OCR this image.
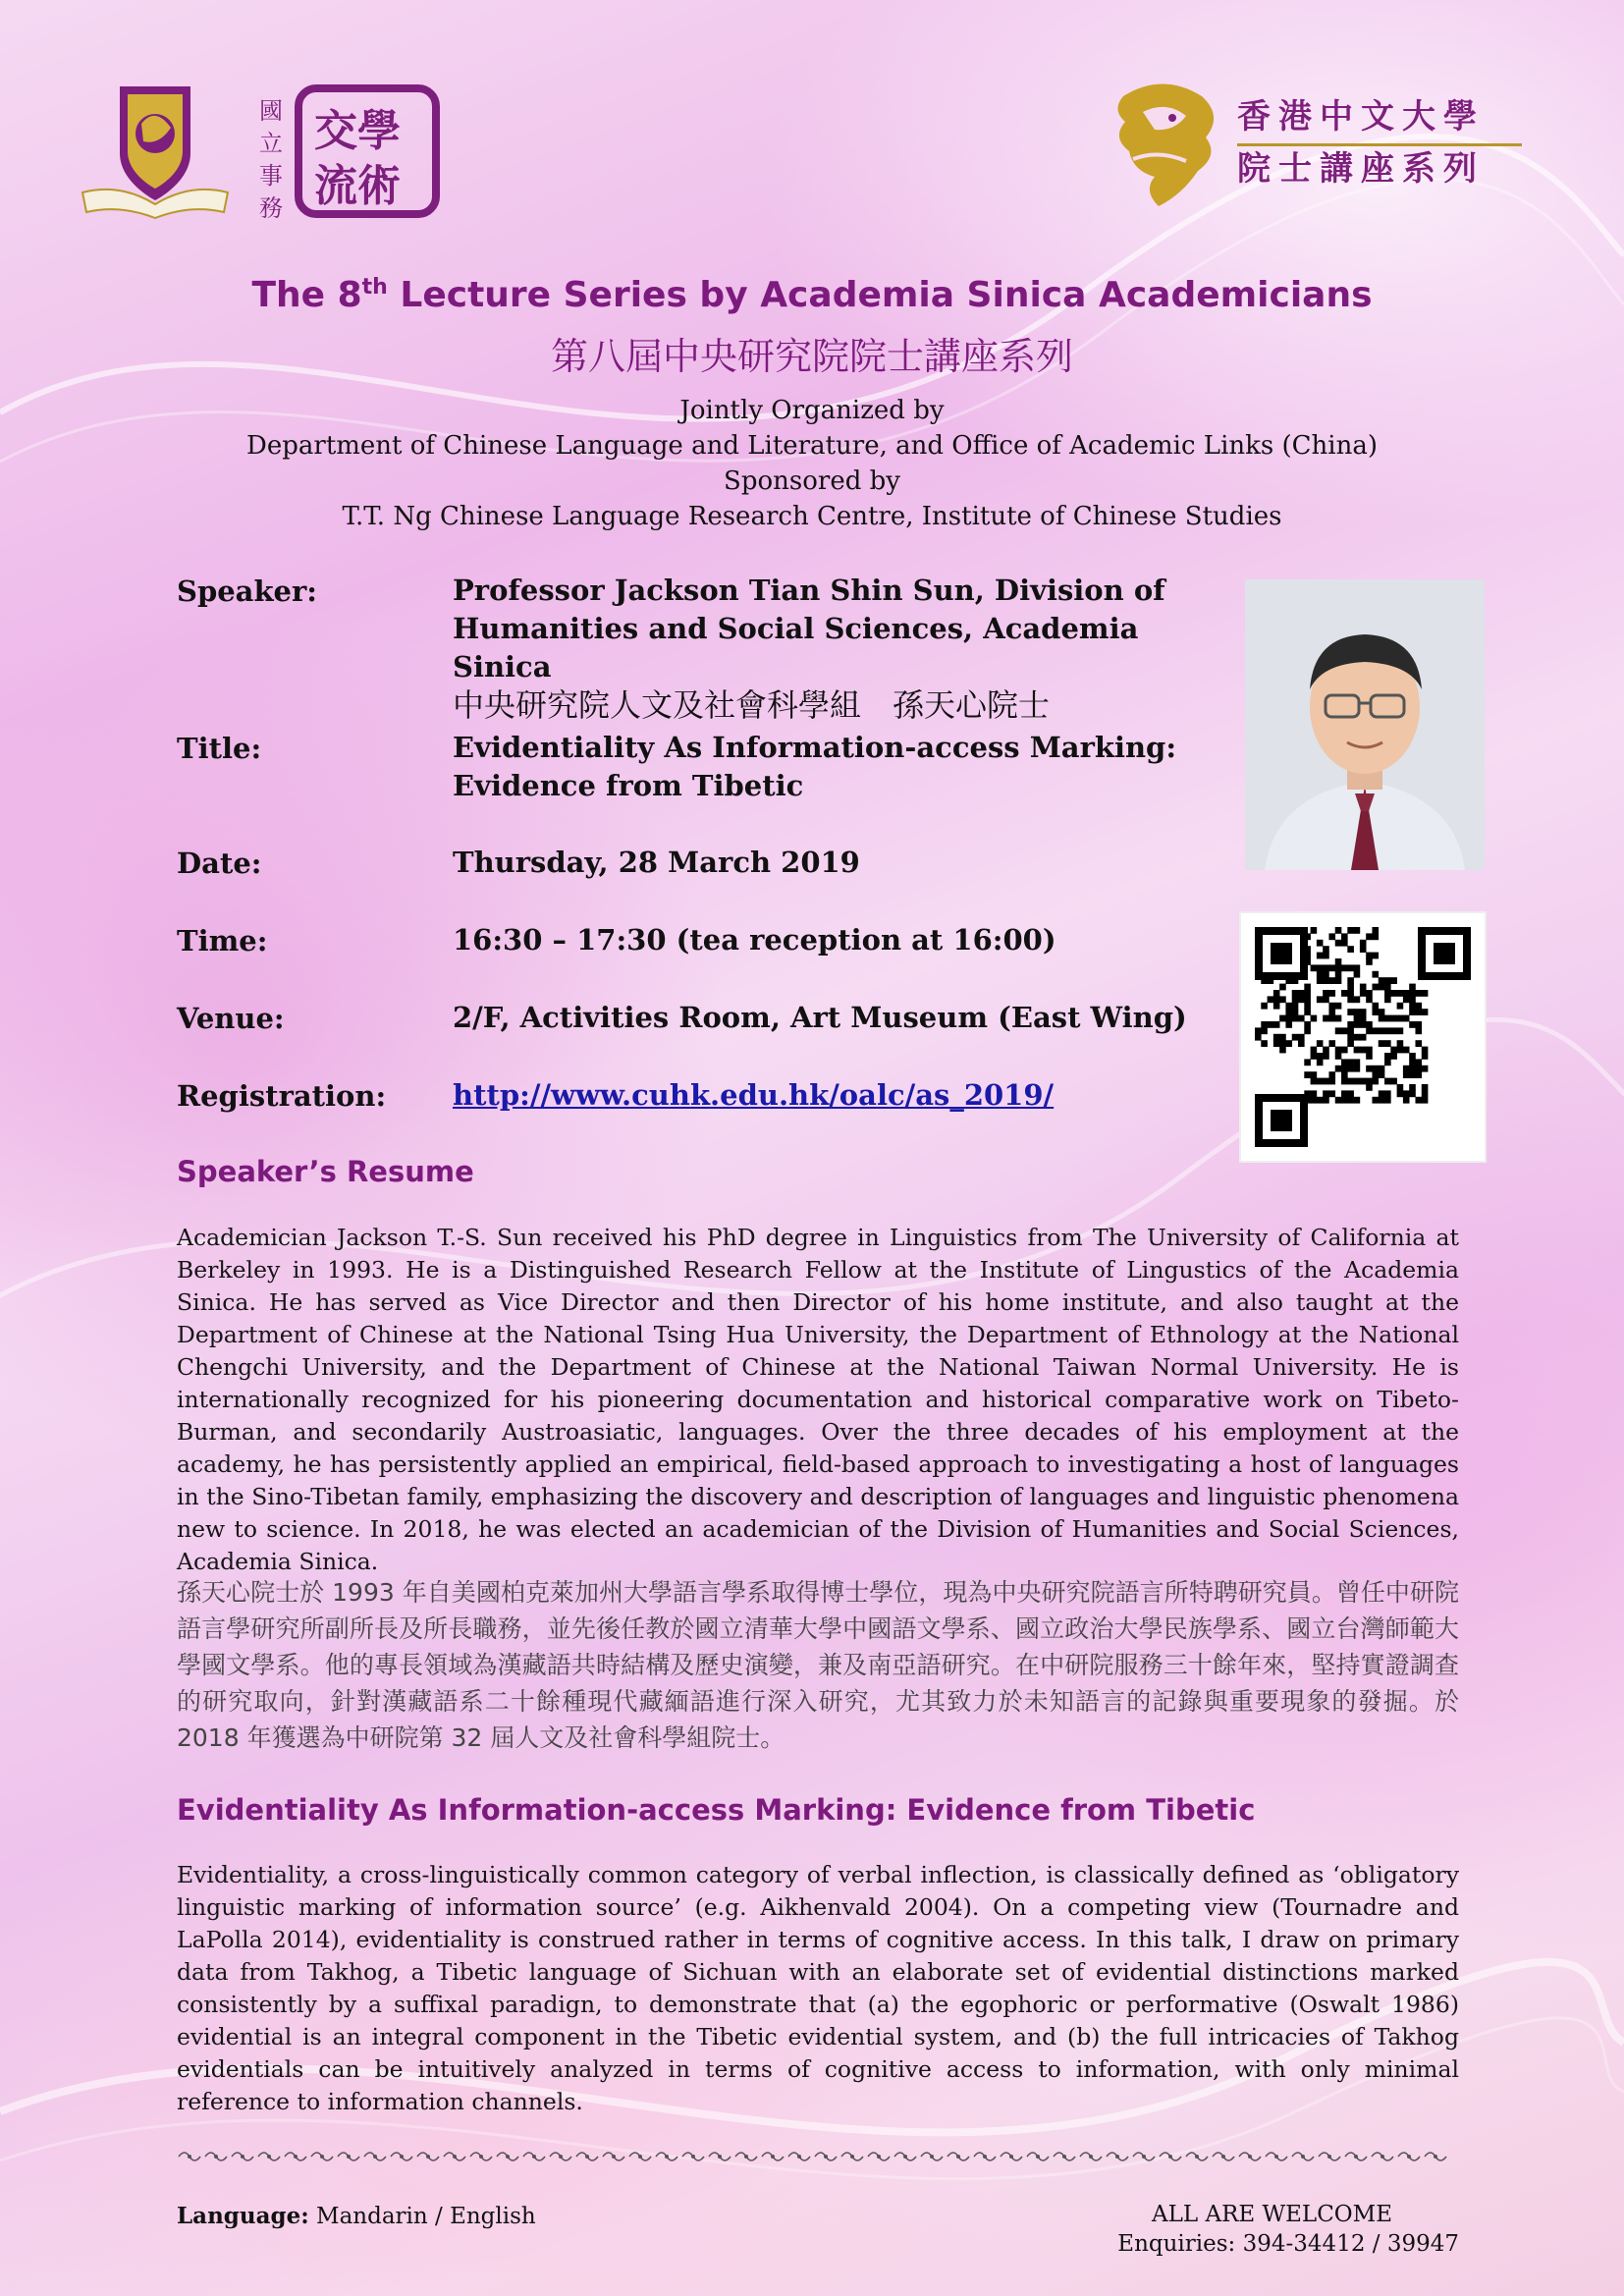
國
立
事
務
交學
流術
香港中文大學
院士講座系列
The 8th Lecture Series by Academia Sinica Academicians
第八屆中央研究院院士講座系列
Jointly Organized by
Department of Chinese Language and Literature, and Office of Academic Links (China)
Sponsored by
T.T. Ng Chinese Language Research Centre, Institute of Chinese Studies
Speaker:	Professor Jackson Tian Shin Sun, Division of
Humanities and Social Sciences, Academia Sinica
中央研究院人文及社會科學組　孫天心院士
Title:	Evidentiality As Information-access Marking:
Evidence from Tibetic
Date:	Thursday, 28 March 2019
Time:	16:30 – 17:30 (tea reception at 16:00)
Venue:	2/F, Activities Room, Art Museum (East Wing)
Registration: http://www.cuhk.edu.hk/oalc/as_2019/
Speaker’s Resume
Academician Jackson T.-S. Sun received his PhD degree in Linguistics from The University of California at Berkeley in 1993. He is a Distinguished Research Fellow at the Institute of Lingustics of the Academia Sinica. He has served as Vice Director and then Director of his home institute, and also taught at the Department of Chinese at the National Tsing Hua University, the Department of Ethnology at the National Chengchi University, and the Department of Chinese at the National Taiwan Normal University. He is internationally recognized for his pioneering documentation and historical comparative work on Tibeto-Burman, and secondarily Austroasiatic, languages. Over the three decades of his employment at the academy, he has persistently applied an empirical, field-based approach to investigating a host of languages in the Sino-Tibetan family, emphasizing the discovery and description of languages and linguistic phenomena new to science. In 2018, he was elected an academician of the Division of Humanities and Social Sciences, Academia Sinica.
孫天心院士於 1993 年自美國柏克萊加州大學語言學系取得博士學位，現為中央研究院語言所特聘研究員。曾任中研院語言學研究所副所長及所長職務，並先後任教於國立清華大學中國語文學系、國立政治大學民族學系、國立台灣師範大學國文學系。他的專長領域為漢藏語共時結構及歷史演變，兼及南亞語研究。在中研院服務三十餘年來，堅持實證調查的研究取向，針對漢藏語系二十餘種現代藏緬語進行深入研究，尤其致力於未知語言的記錄與重要現象的發掘。於 2018 年獲選為中研院第 32 屆人文及社會科學組院士。
Evidentiality As Information-access Marking: Evidence from Tibetic
Evidentiality, a cross-linguistically common category of verbal inflection, is classically defined as ‘obligatory linguistic marking of information source’ (e.g. Aikhenvald 2004). On a competing view (Tournadre and LaPolla 2014), evidentiality is construed rather in terms of cognitive access. In this talk, I draw on primary data from Takhog, a Tibetic language of Sichuan with an elaborate set of evidential distinctions marked consistently by a suffixal paradign, to demonstrate that (a) the egophoric or performative (Oswalt 1986) evidential is an integral component in the Tibetic evidential system, and (b) the full intricacies of Takhog evidentials can be intuitively analyzed in terms of cognitive access to information, with only minimal reference to information channels.
Language: Mandarin / English	ALL ARE WELCOME
Enquiries: 394-34412 / 39947
